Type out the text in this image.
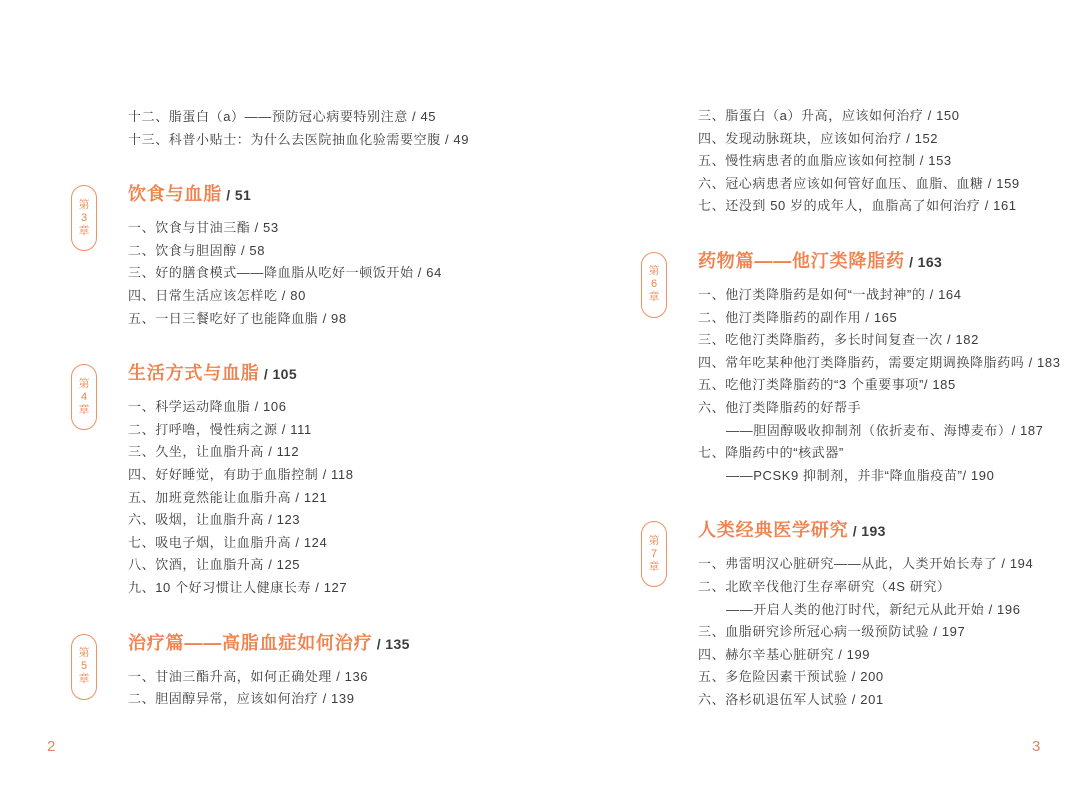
十二、脂蛋白（a）——预防冠心病要特别注意 / 45
十三、科普小贴士：为什么去医院抽血化验需要空腹 / 49
第
3
章
饮食与血脂 / 51
一、饮食与甘油三酯 / 53
二、饮食与胆固醇 / 58
三、好的膳食模式——降血脂从吃好一顿饭开始 / 64
四、日常生活应该怎样吃 / 80
五、一日三餐吃好了也能降血脂 / 98
第
4
章
生活方式与血脂 / 105
一、科学运动降血脂 / 106
二、打呼噜，慢性病之源 / 111
三、久坐，让血脂升高 / 112
四、好好睡觉，有助于血脂控制 / 118
五、加班竟然能让血脂升高 / 121
六、吸烟，让血脂升高 / 123
七、吸电子烟，让血脂升高 / 124
八、饮酒，让血脂升高 / 125
九、10 个好习惯让人健康长寿 / 127
第
5
章
治疗篇——高脂血症如何治疗 / 135
一、甘油三酯升高，如何正确处理 / 136
二、胆固醇异常，应该如何治疗 / 139
三、脂蛋白（a）升高，应该如何治疗 / 150
四、发现动脉斑块，应该如何治疗 / 152
五、慢性病患者的血脂应该如何控制 / 153
六、冠心病患者应该如何管好血压、血脂、血糖 / 159
七、还没到 50 岁的成年人，血脂高了如何治疗 / 161
第
6
章
药物篇——他汀类降脂药 / 163
一、他汀类降脂药是如何“一战封神”的 / 164
二、他汀类降脂药的副作用 / 165
三、吃他汀类降脂药，多长时间复查一次 / 182
四、常年吃某种他汀类降脂药，需要定期调换降脂药吗 / 183
五、吃他汀类降脂药的“3 个重要事项”/ 185
六、他汀类降脂药的好帮手
——胆固醇吸收抑制剂（依折麦布、海博麦布）/ 187
七、降脂药中的“核武器”
——PCSK9 抑制剂，并非“降血脂疫苗”/ 190
第
7
章
人类经典医学研究 / 193
一、弗雷明汉心脏研究——从此，人类开始长寿了 / 194
二、北欧辛伐他汀生存率研究（4S 研究）
——开启人类的他汀时代，新纪元从此开始 / 196
三、血脂研究诊所冠心病一级预防试验 / 197
四、赫尔辛基心脏研究 / 199
五、多危险因素干预试验 / 200
六、洛杉矶退伍军人试验 / 201
2	3
